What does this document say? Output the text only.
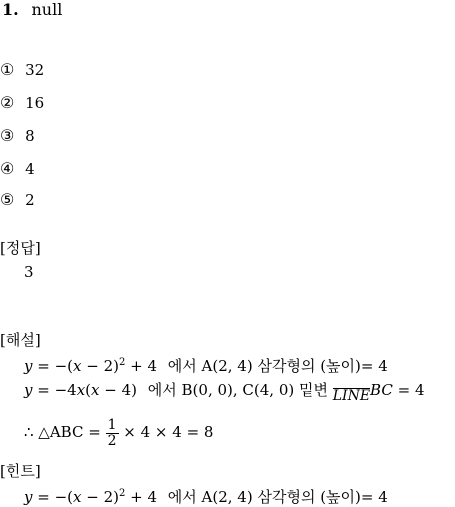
1. null
① 32
② 16
③ 8
④ 4
⑤ 2
[정답]
3
[해설]
$y = -(x - 2)^2 + 4$ 에서 A(2, 4) 삼각형의 (높이)= 4
y = −4x(x − 4) 에서 B(0, 0), C(4, 0) 밑변 LINE BC = 4
∴ △ABC = $\frac{1}{2} \times 4 \times 4 = 8$
[힌트]
$y = -(x - 2)^2 + 4$ 에서 A(2, 4) 삼각형의 (높이)= 4
